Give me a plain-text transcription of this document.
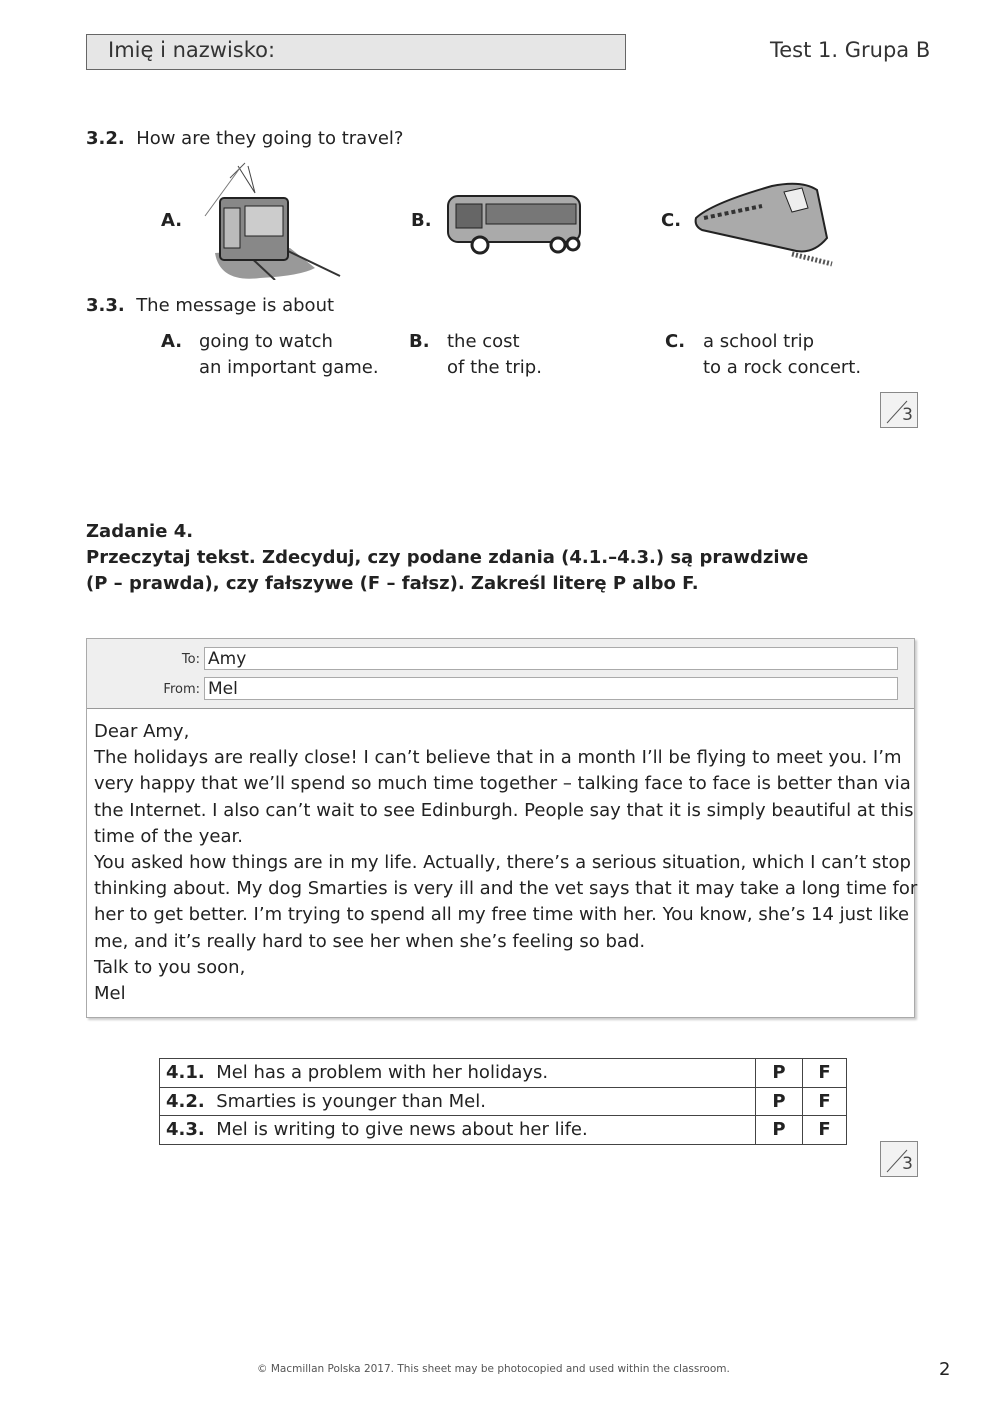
Imię i nazwisko:	Test 1. Grupa B
3.2. How are they going to travel?
A.	B.	C.
3.3. The message is about
A. going to watch
an important game.
B. the cost
of the trip.
C. a school trip
to a rock concert.
3
Zadanie 4.
Przeczytaj tekst. Zdecyduj, czy podane zdania (4.1.–4.3.) są prawdziwe
(P – prawda), czy fałszywe (F – fałsz). Zakreśl literę P albo F.
To: Amy
From: Mel
Dear Amy,
The holidays are really close! I can’t believe that in a month I’ll be flying to meet you. I’m
very happy that we’ll spend so much time together – talking face to face is better than via
the Internet. I also can’t wait to see Edinburgh. People say that it is simply beautiful at this
time of the year.
You asked how things are in my life. Actually, there’s a serious situation, which I can’t stop
thinking about. My dog Smarties is very ill and the vet says that it may take a long time for
her to get better. I’m trying to spend all my free time with her. You know, she’s 14 just like
me, and it’s really hard to see her when she’s feeling so bad.
Talk to you soon,
Mel
4.1. Mel has a problem with her holidays.	P	F
4.2. Smarties is younger than Mel.	P	F
4.3. Mel is writing to give news about her life.	P	F
3
© Macmillan Polska 2017. This sheet may be photocopied and used within the classroom.	2
